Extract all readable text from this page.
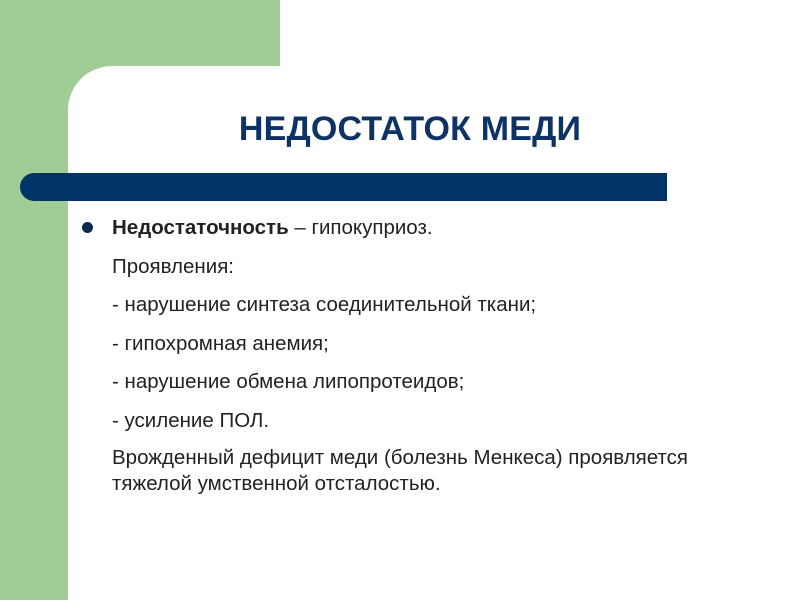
НЕДОСТАТОК МЕДИ
Недостаточность – гипокуприоз.
Проявления:
- нарушение синтеза соединительной ткани;
- гипохромная анемия;
- нарушение обмена липопротеидов;
- усиление ПОЛ.
Врожденный дефицит меди (болезнь Менкеса) проявляется тяжелой умственной отсталостью.
